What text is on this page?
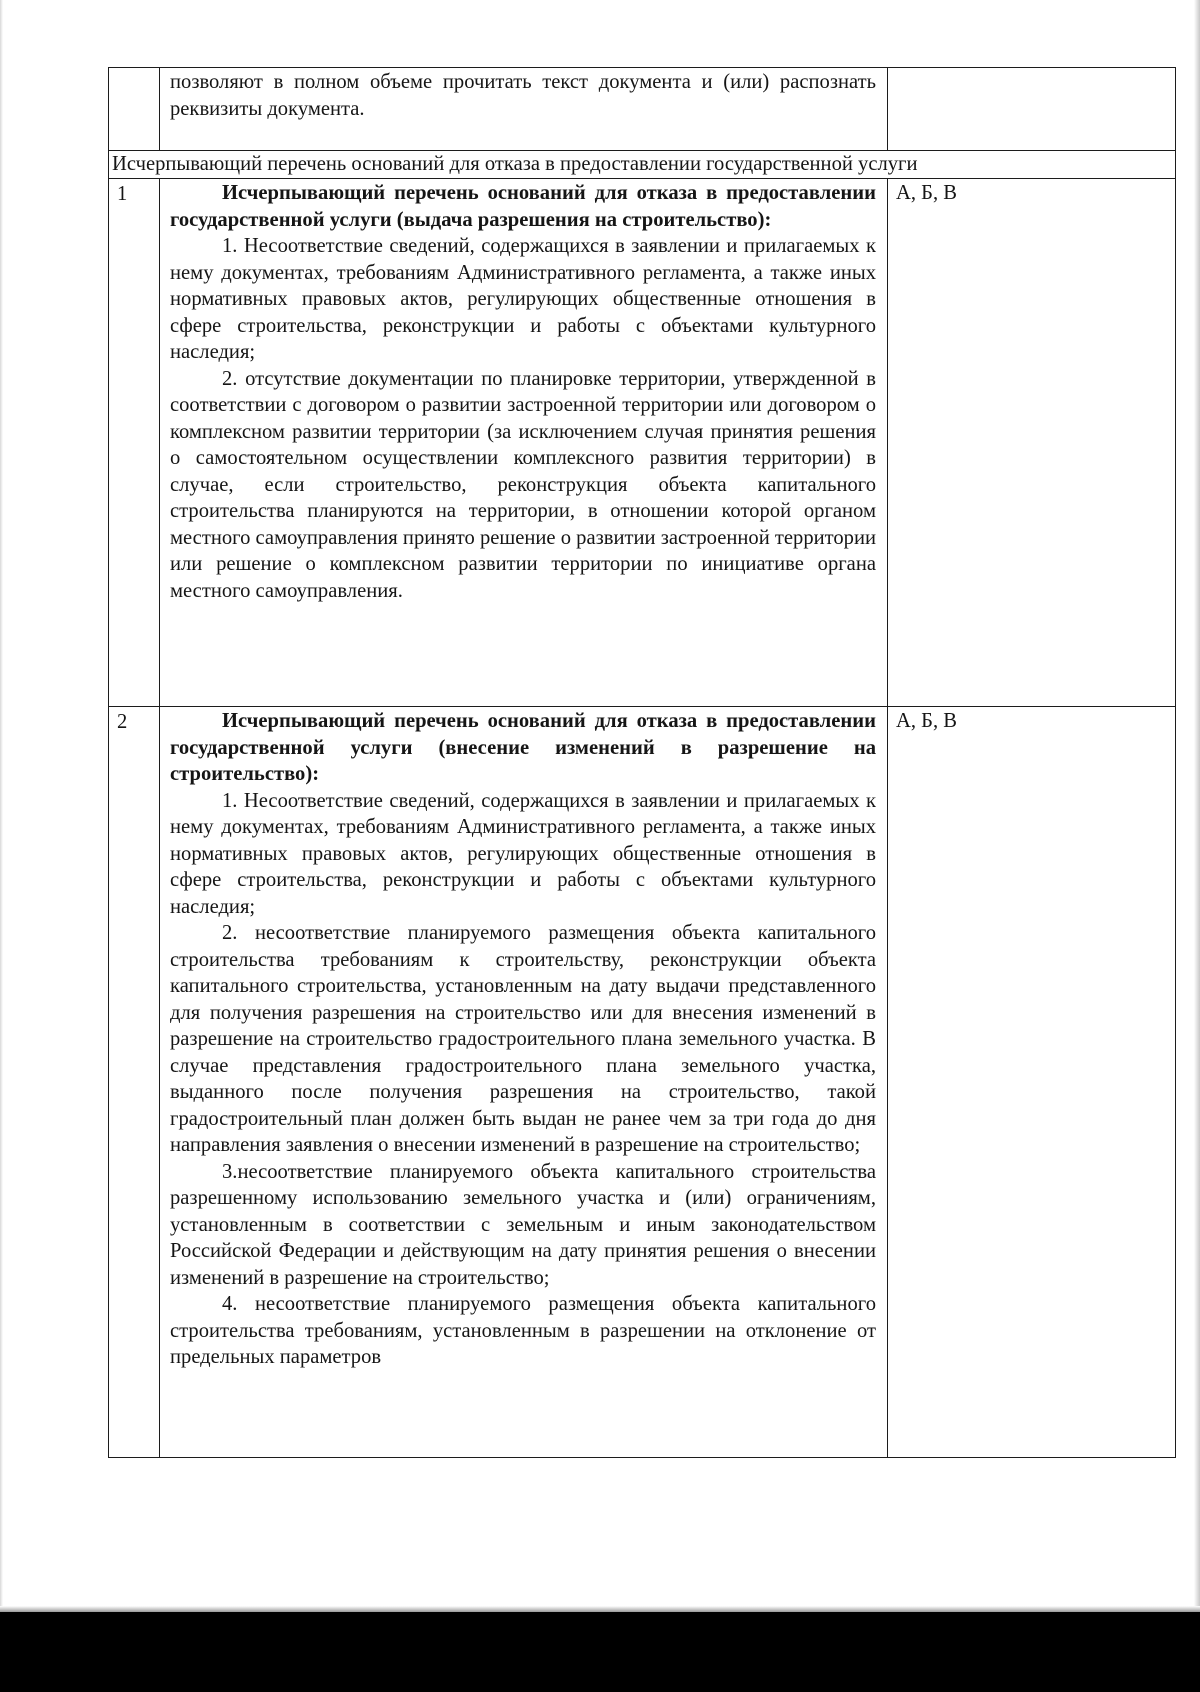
	позволяют в полном объеме прочитать текст документа и (или) распознать реквизиты документа.	

Исчерпывающий перечень оснований для отказа в предоставлении государственной услуги		
1	Исчерпывающий перечень оснований для отказа в предоставлении государственной услуги (выдача разрешения на строительство):

1. Несоответствие сведений, содержащихся в заявлении и прилагаемых к нему документах, требованиям Административного регламента, а также иных нормативных правовых актов, регулирующих общественные отношения в сфере строительства, реконструкции и работы с объектами культурного наследия;

2. отсутствие документации по планировке территории, утвержденной в соответствии с договором о развитии застроенной территории или договором о комплексном развитии территории (за исключением случая принятия решения о самостоятельном осуществлении комплексного развития территории) в случае, если строительство, реконструкция объекта капитального строительства планируются на территории, в отношении которой органом местного самоуправления принято решение о развитии застроенной территории или решение о комплексном развитии территории по инициативе органа местного самоуправления.	А, Б, В
2	Исчерпывающий перечень оснований для отказа в предоставлении государственной услуги (внесение изменений в разрешение на строительство):

1. Несоответствие сведений, содержащихся в заявлении и прилагаемых к нему документах, требованиям Административного регламента, а также иных нормативных правовых актов, регулирующих общественные отношения в сфере строительства, реконструкции и работы с объектами культурного наследия;

2. несоответствие планируемого размещения объекта капитального строительства требованиям к строительству, реконструкции объекта капитального строительства, установленным на дату выдачи представленного для получения разрешения на строительство или для внесения изменений в разрешение на строительство градостроительного плана земельного участка. В случае представления градостроительного плана земельного участка, выданного после получения разрешения на строительство, такой градостроительный план должен быть выдан не ранее чем за три года до дня направления заявления о внесении изменений в разрешение на строительство;

3.несоответствие планируемого объекта капитального строительства разрешенному использованию земельного участка и (или) ограничениям, установленным в соответствии с земельным и иным законодательством Российской Федерации и действующим на дату принятия решения о внесении изменений в разрешение на строительство;

4. несоответствие планируемого размещения объекта капитального строительства требованиям, установленным в разрешении на отклонение от предельных параметров	А, Б, В
